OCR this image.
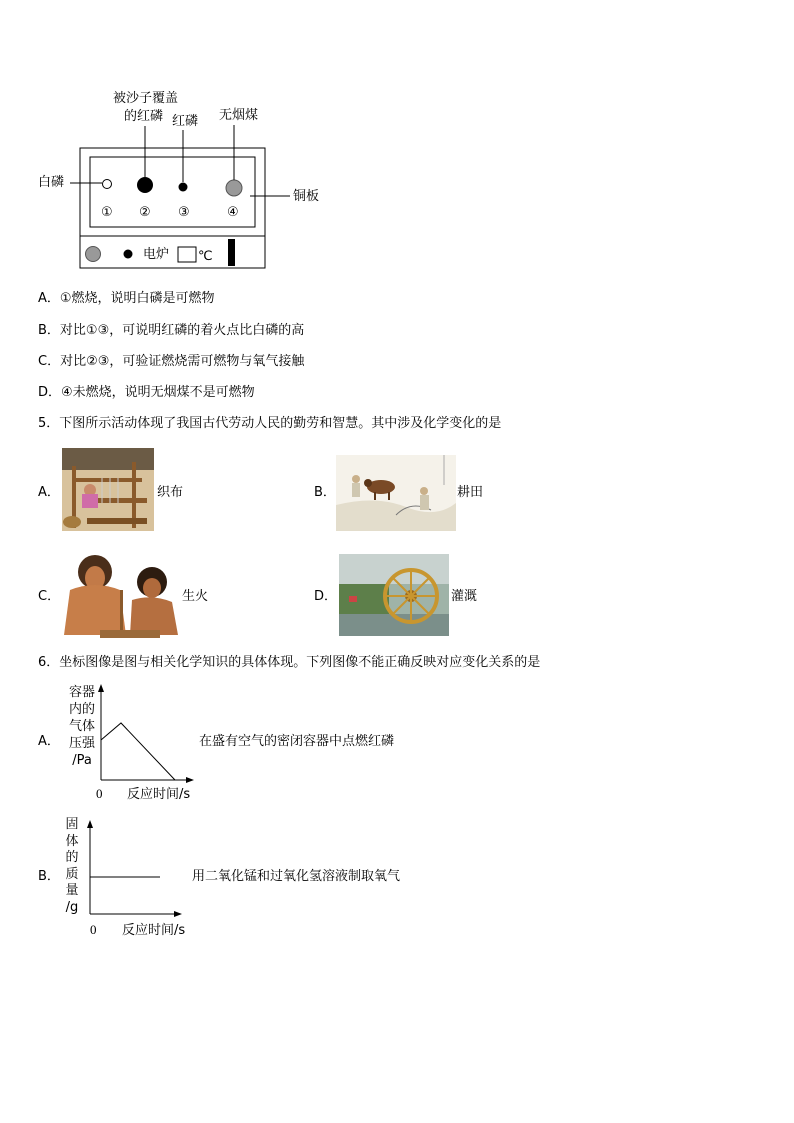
被沙子覆盖
的红磷 红磷 无烟煤
白磷
铜板
① ② ③	④
电炉 ℃
A．①燃烧，说明白磷是可燃物
B．对比①③，可说明红磷的着火点比白磷的高
C．对比②③，可验证燃烧需可燃物与氧气接触
D．④未燃烧，说明无烟煤不是可燃物
5．下图所示活动体现了我国古代劳动人民的勤劳和智慧。其中涉及化学变化的是
A．	织布	B．	耕田
C．	生火	D．	灌溉
6．坐标图像是图与相关化学知识的具体体现。下列图像不能正确反映对应变化关系的是
A．
容器
内的
气体
压强
/Pa
0 反应时间/s
在盛有空气的密闭容器中点燃红磷
B．
固
体
的
质
量
/g
0 反应时间/s
用二氧化锰和过氧化氢溶液制取氧气
